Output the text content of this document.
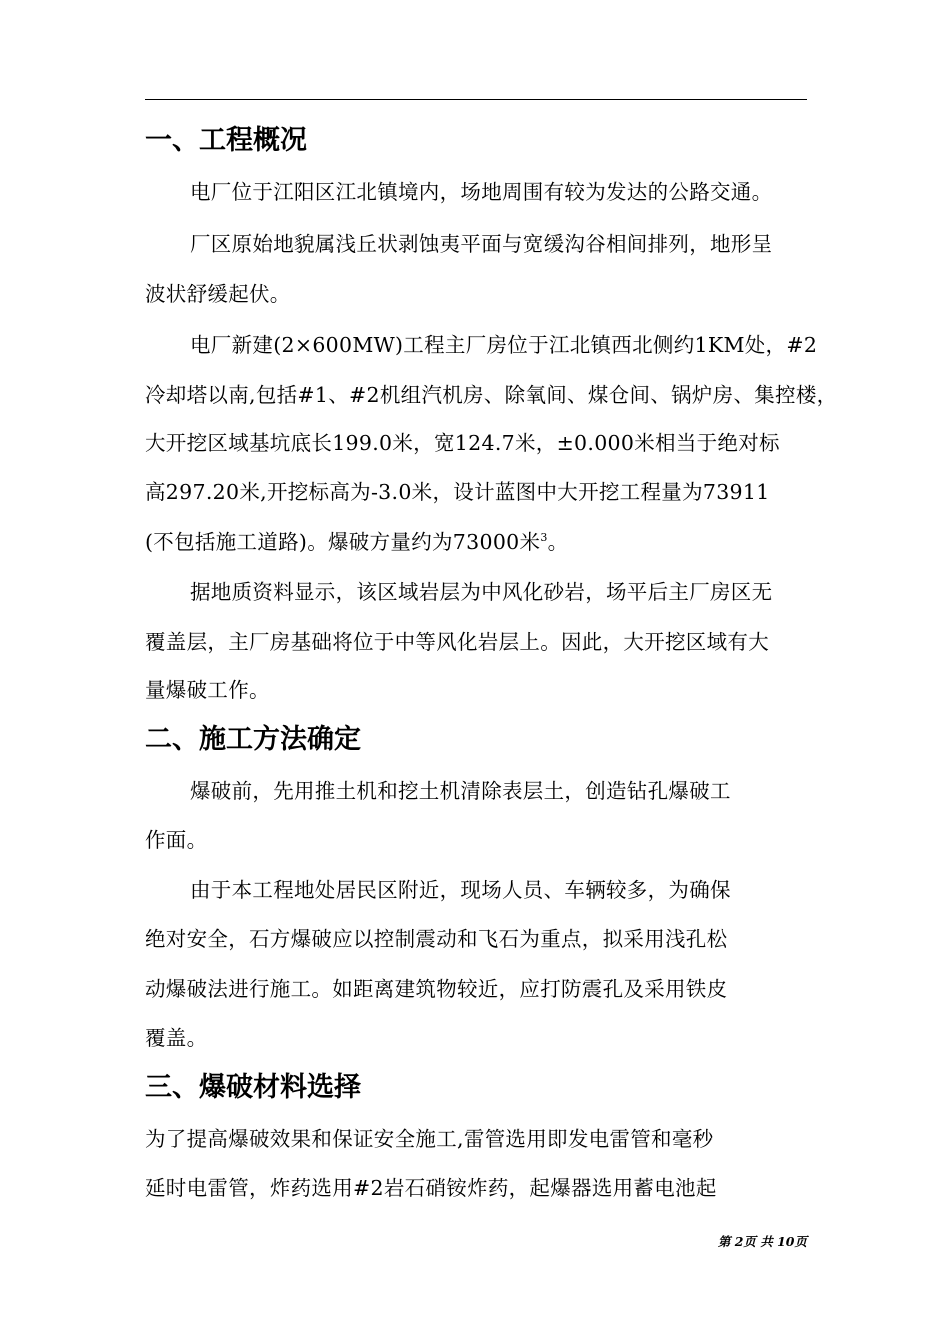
一、工程概况

电厂位于江阳区江北镇境内，场地周围有较为发达的公路交通。

厂区原始地貌属浅丘状剥蚀夷平面与宽缓沟谷相间排列，地形呈

波状舒缓起伏。

电厂新建(2×600MW)工程主厂房位于江北镇西北侧约1KM处，#2

冷却塔以南,包括#1、#2机组汽机房、除氧间、煤仓间、锅炉房、集控楼，

大开挖区域基坑底长199.0米，宽124.7米，±0.000米相当于绝对标

高297.20米,开挖标高为-3.0米，设计蓝图中大开挖工程量为73911

(不包括施工道路)。爆破方量约为73000米$^3$。

据地质资料显示，该区域岩层为中风化砂岩，场平后主厂房区无

覆盖层，主厂房基础将位于中等风化岩层上。因此，大开挖区域有大

量爆破工作。

二、施工方法确定

爆破前，先用推土机和挖土机清除表层土，创造钻孔爆破工

作面。

由于本工程地处居民区附近，现场人员、车辆较多，为确保

绝对安全，石方爆破应以控制震动和飞石为重点，拟采用浅孔松

动爆破法进行施工。如距离建筑物较近，应打防震孔及采用铁皮

覆盖。

三、爆破材料选择

为了提高爆破效果和保证安全施工,雷管选用即发电雷管和毫秒

延时电雷管，炸药选用#2岩石硝铵炸药，起爆器选用蓄电池起

第 2页 共 10页
